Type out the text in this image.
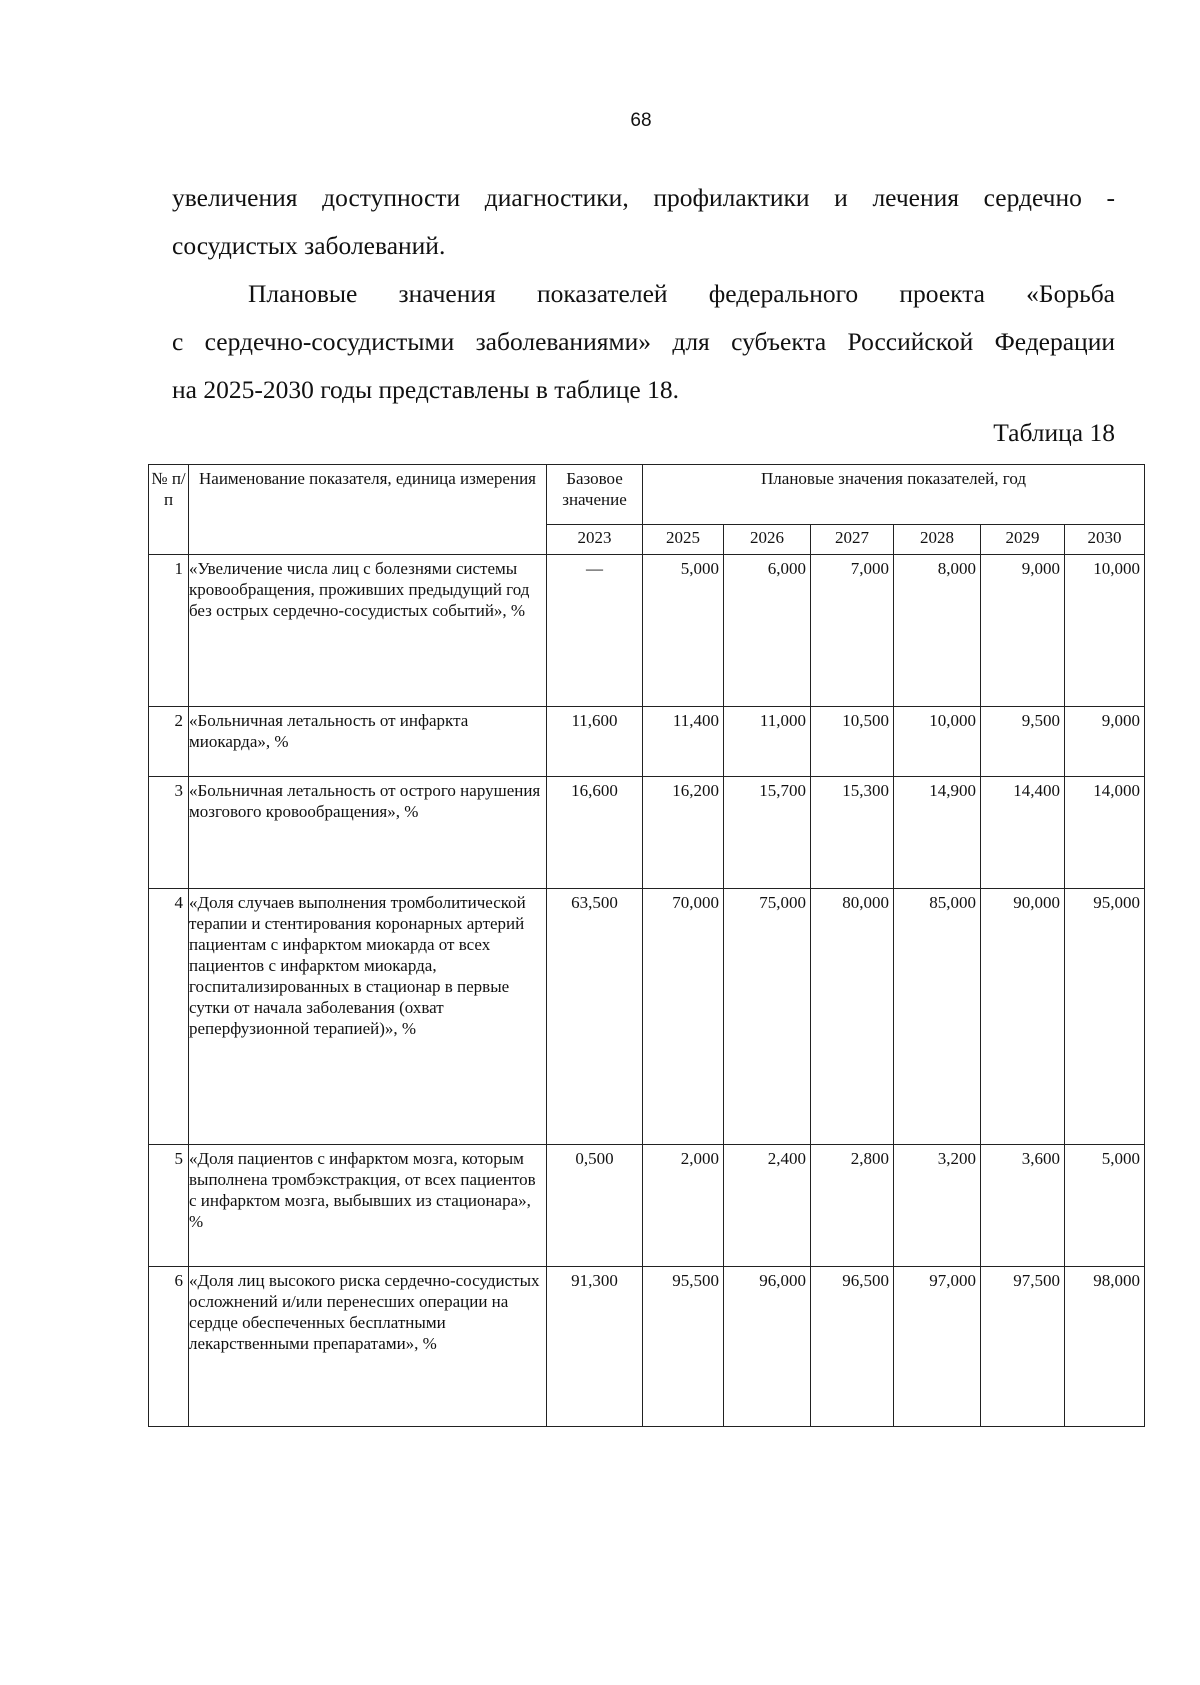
68
увеличения доступности диагностики, профилактики и лечения сердечно -
сосудистых заболеваний.
Плановые значения показателей федерального проекта «Борьба
с сердечно-сосудистыми заболеваниями» для субъекта Российской Федерации
на 2025-2030 годы представлены в таблице 18.
Таблица 18
№ п/п	Наименование показателя, единица измерения	Базовое значение	Плановые значения показателей, год					
		2023	2025	2026	2027	2028	2029	2030
1	«Увеличение числа лиц с болезнями системы кровообращения, проживших предыдущий год без острых сердечно-сосудистых событий», %	—	5,000	6,000	7,000	8,000	9,000	10,000
2	«Больничная летальность от инфаркта миокарда», %	11,600	11,400	11,000	10,500	10,000	9,500	9,000
3	«Больничная летальность от острого нарушения мозгового кровообращения», %	16,600	16,200	15,700	15,300	14,900	14,400	14,000
4	«Доля случаев выполнения тромболитической терапии и стентирования коронарных артерий пациентам с инфарктом миокарда от всех пациентов с инфарктом миокарда, госпитализированных в стационар в первые сутки от начала заболевания (охват реперфузионной терапией)», %	63,500	70,000	75,000	80,000	85,000	90,000	95,000
5	«Доля пациентов с инфарктом мозга, которым выполнена тромбэкстракция, от всех пациентов с инфарктом мозга, выбывших из стационара», %	0,500	2,000	2,400	2,800	3,200	3,600	5,000
6	«Доля лиц высокого риска сердечно-сосудистых осложнений и/или перенесших операции на сердце обеспеченных бесплатными лекарственными препаратами», %	91,300	95,500	96,000	96,500	97,000	97,500	98,000
